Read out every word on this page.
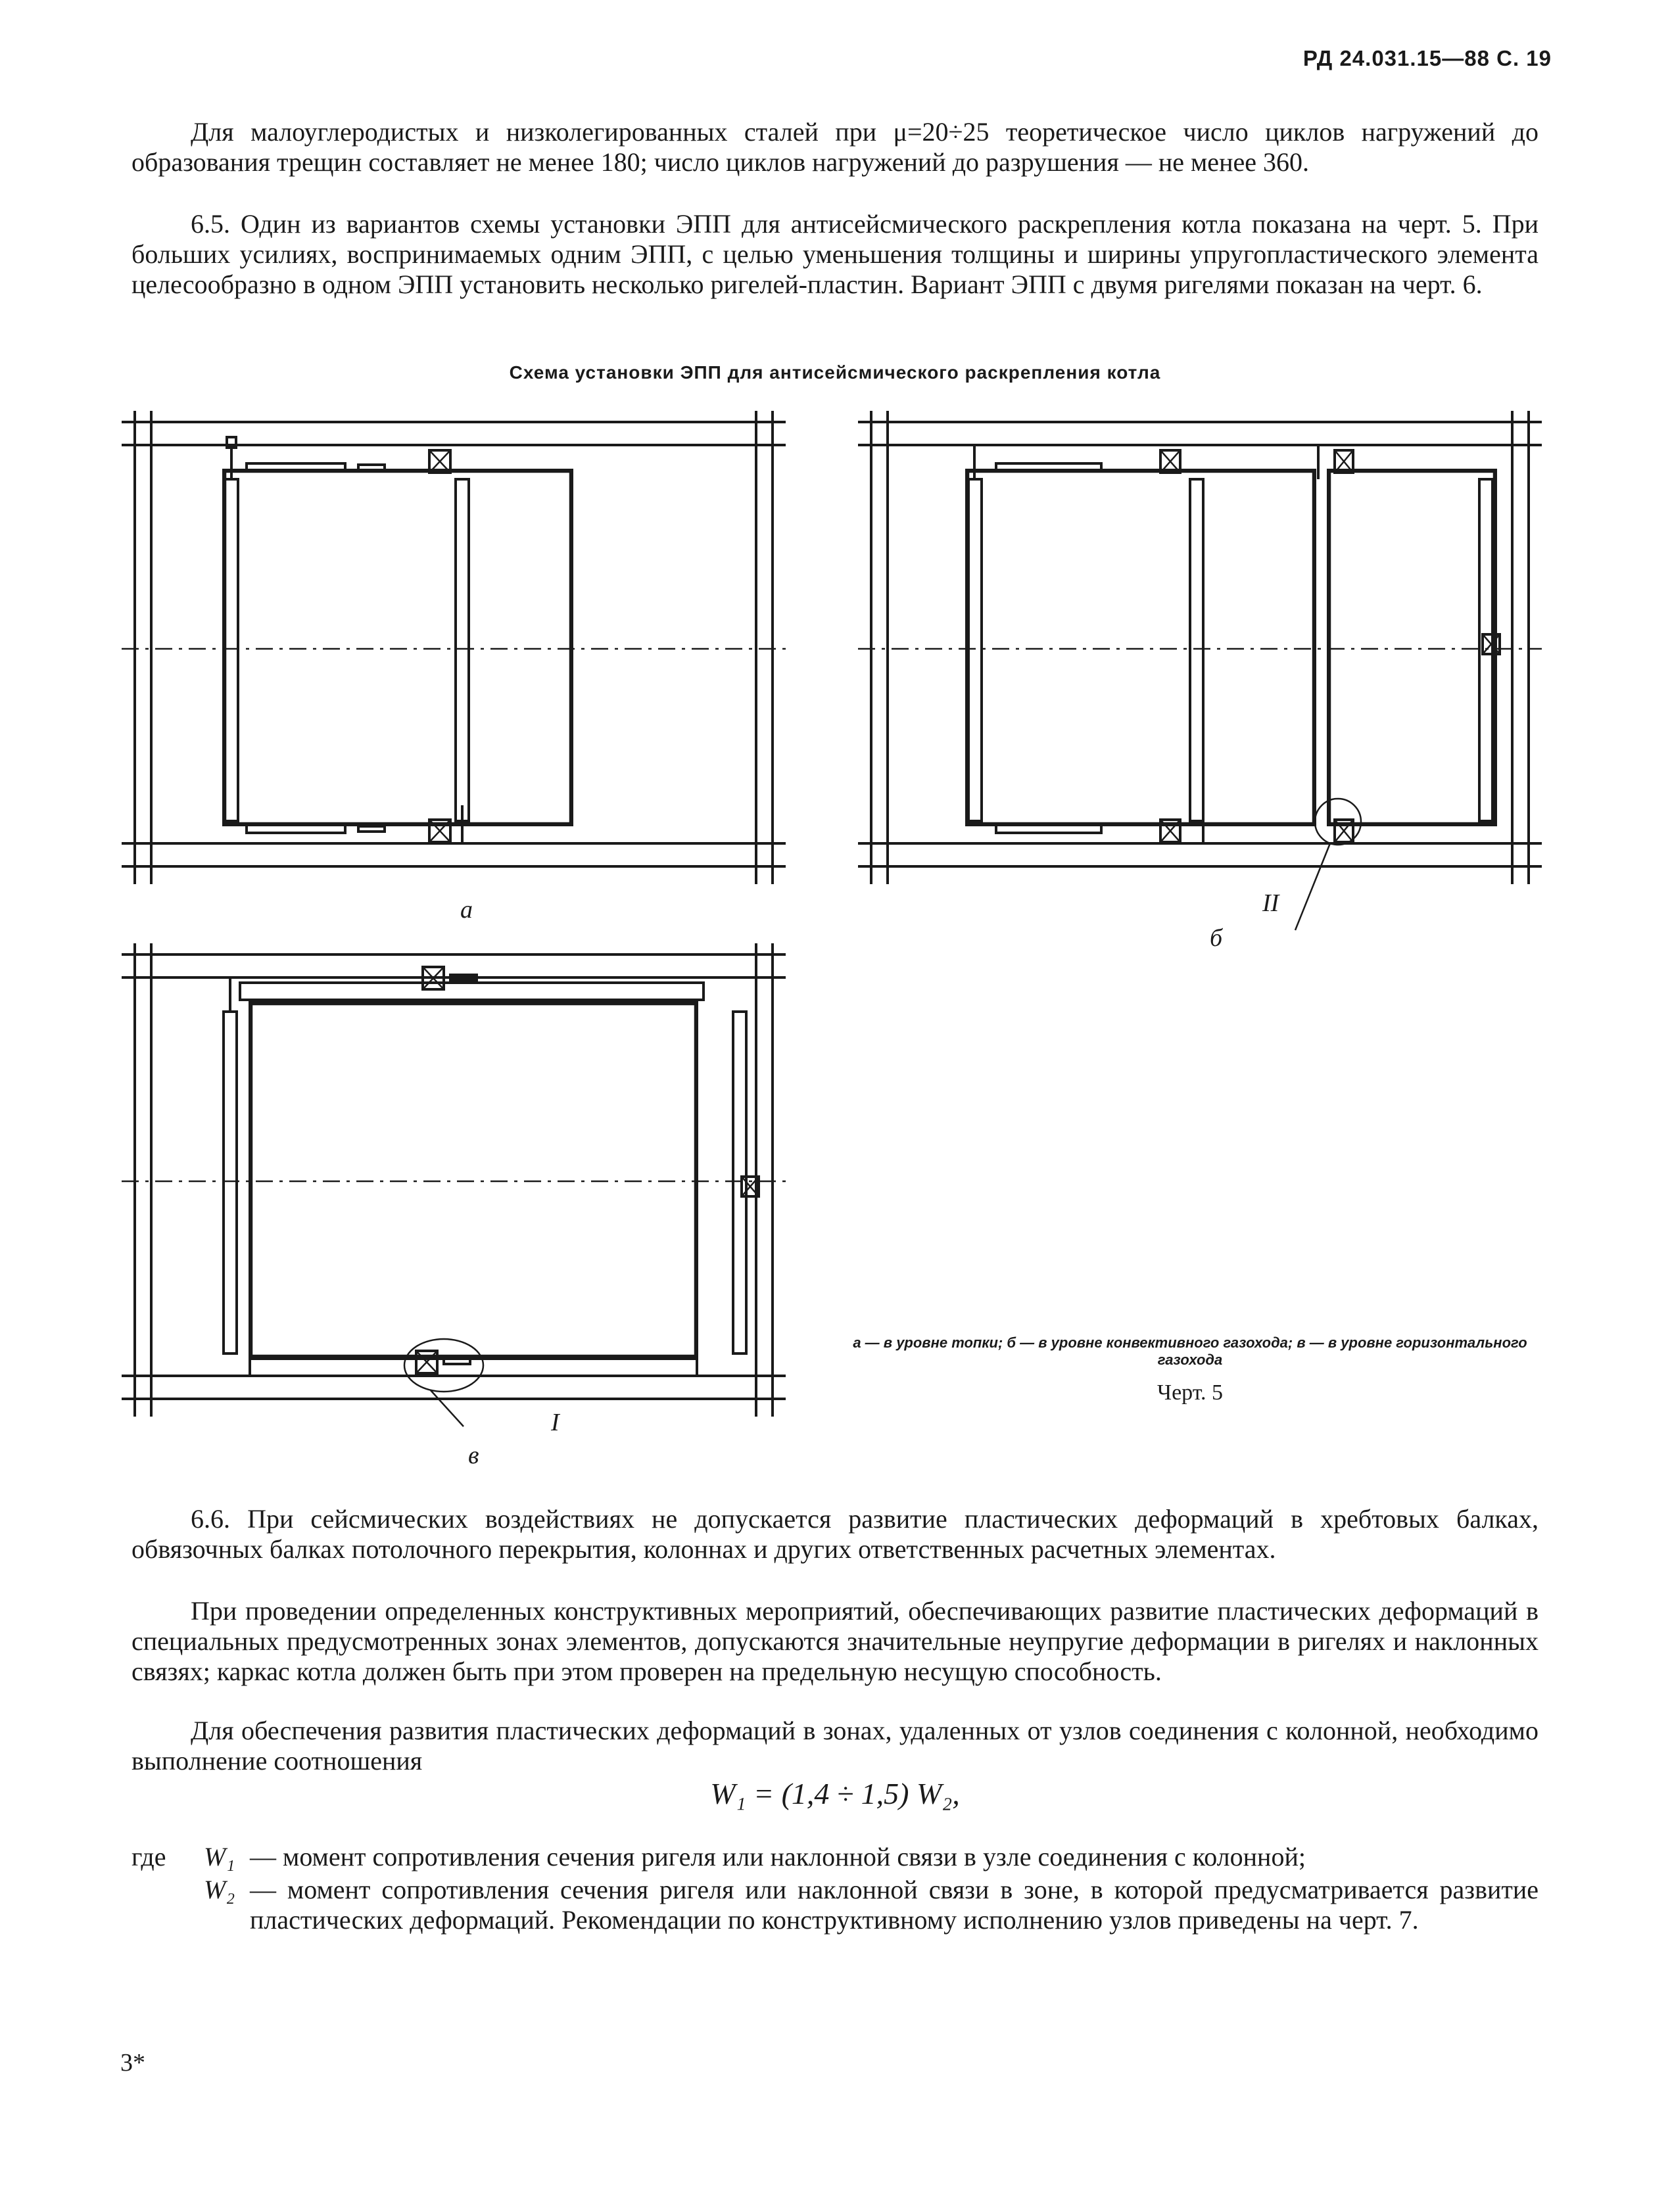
РД 24.031.15—88 С. 19
Для малоуглеродистых и низколегированных сталей при μ=20÷25 теоретическое число циклов нагружений до образования трещин составляет не менее 180; число циклов нагружений до разрушения — не менее 360.
6.5. Один из вариантов схемы установки ЭПП для антисейсмического раскрепления котла показана на черт. 5. При больших усилиях, воспринимаемых одним ЭПП, с целью уменьшения толщины и ширины упругопластического элемента целесообразно в одном ЭПП установить несколько ригелей-пластин. Вариант ЭПП с двумя ригелями показан на черт. 6.
Схема установки ЭПП для антисейсмического раскрепления котла
а
б
II
в
I
а — в уровне топки; б — в уровне конвективного газохода; в — в уровне горизонтального газохода
Черт. 5
6.6. При сейсмических воздействиях не допускается развитие пластических деформаций в хребтовых балках, обвязочных балках потолочного перекрытия, колоннах и других ответственных расчетных элементах.
При проведении определенных конструктивных мероприятий, обеспечивающих развитие пластических деформаций в специальных предусмотренных зонах элементов, допускаются значительные неупругие деформации в ригелях и наклонных связях; каркас котла должен быть при этом проверен на предельную несущую способность.
Для обеспечения развития пластических деформаций в зонах, удаленных от узлов соединения с колонной, необходимо выполнение соотношения
W₁ = (1,4 ÷ 1,5) W₂,
где	W₁ — момент сопротивления сечения ригеля или наклонной связи в узле соединения с колонной;
W₂ — момент сопротивления сечения ригеля или наклонной связи в зоне, в которой предусматривается развитие пластических деформаций. Рекомендации по конструктивному исполнению узлов приведены на черт. 7.
3*
